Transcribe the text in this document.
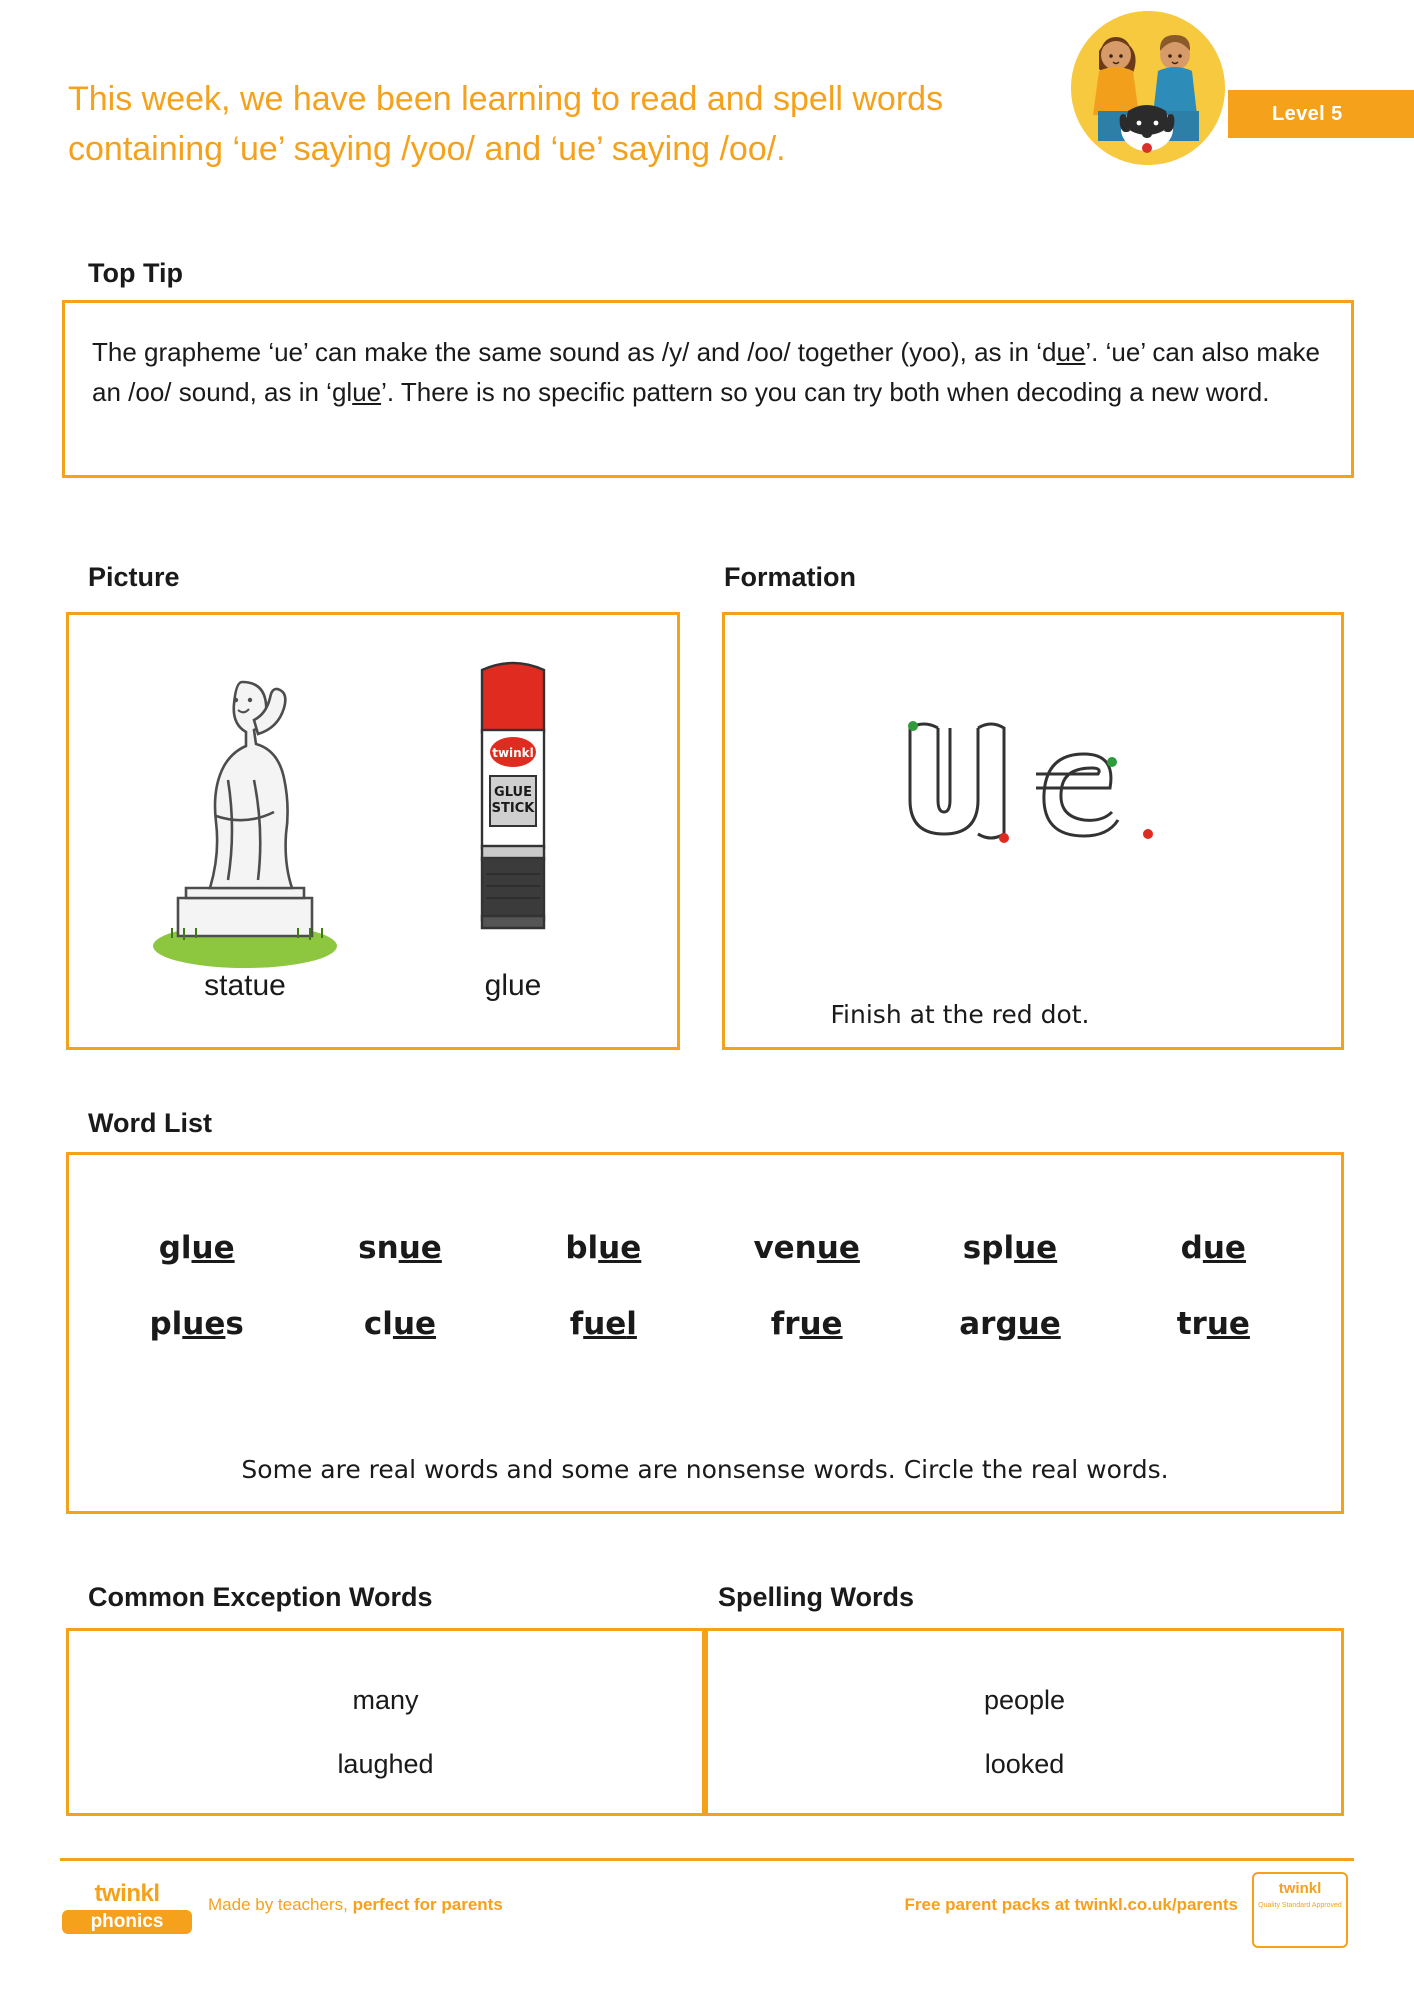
This week, we have been learning to read and spell words containing ‘ue’ saying /yoo/ and ‘ue’ saying /oo/.
Level 5
Top Tip
The grapheme ‘ue’ can make the same sound as /y/ and /oo/ together (yoo), as in ‘due’. ‘ue’ can also make an /oo/ sound, as in ‘glue’. There is no specific pattern so you can try both when decoding a new word.
Picture
statue
twinkl
GLUE
STICK
glue
Formation
Finish at the red dot.
Word List
glue	snue	blue	venue	splue	due
plues	clue	fuel	frue	argue	true
Some are real words and some are nonsense words. Circle the real words.
Common Exception Words	Spelling Words
many
laughed
people
looked
twinkl
phonics
Made by teachers, perfect for parents	Free parent packs at twinkl.co.uk/parents
twinkl
Quality Standard Approved
